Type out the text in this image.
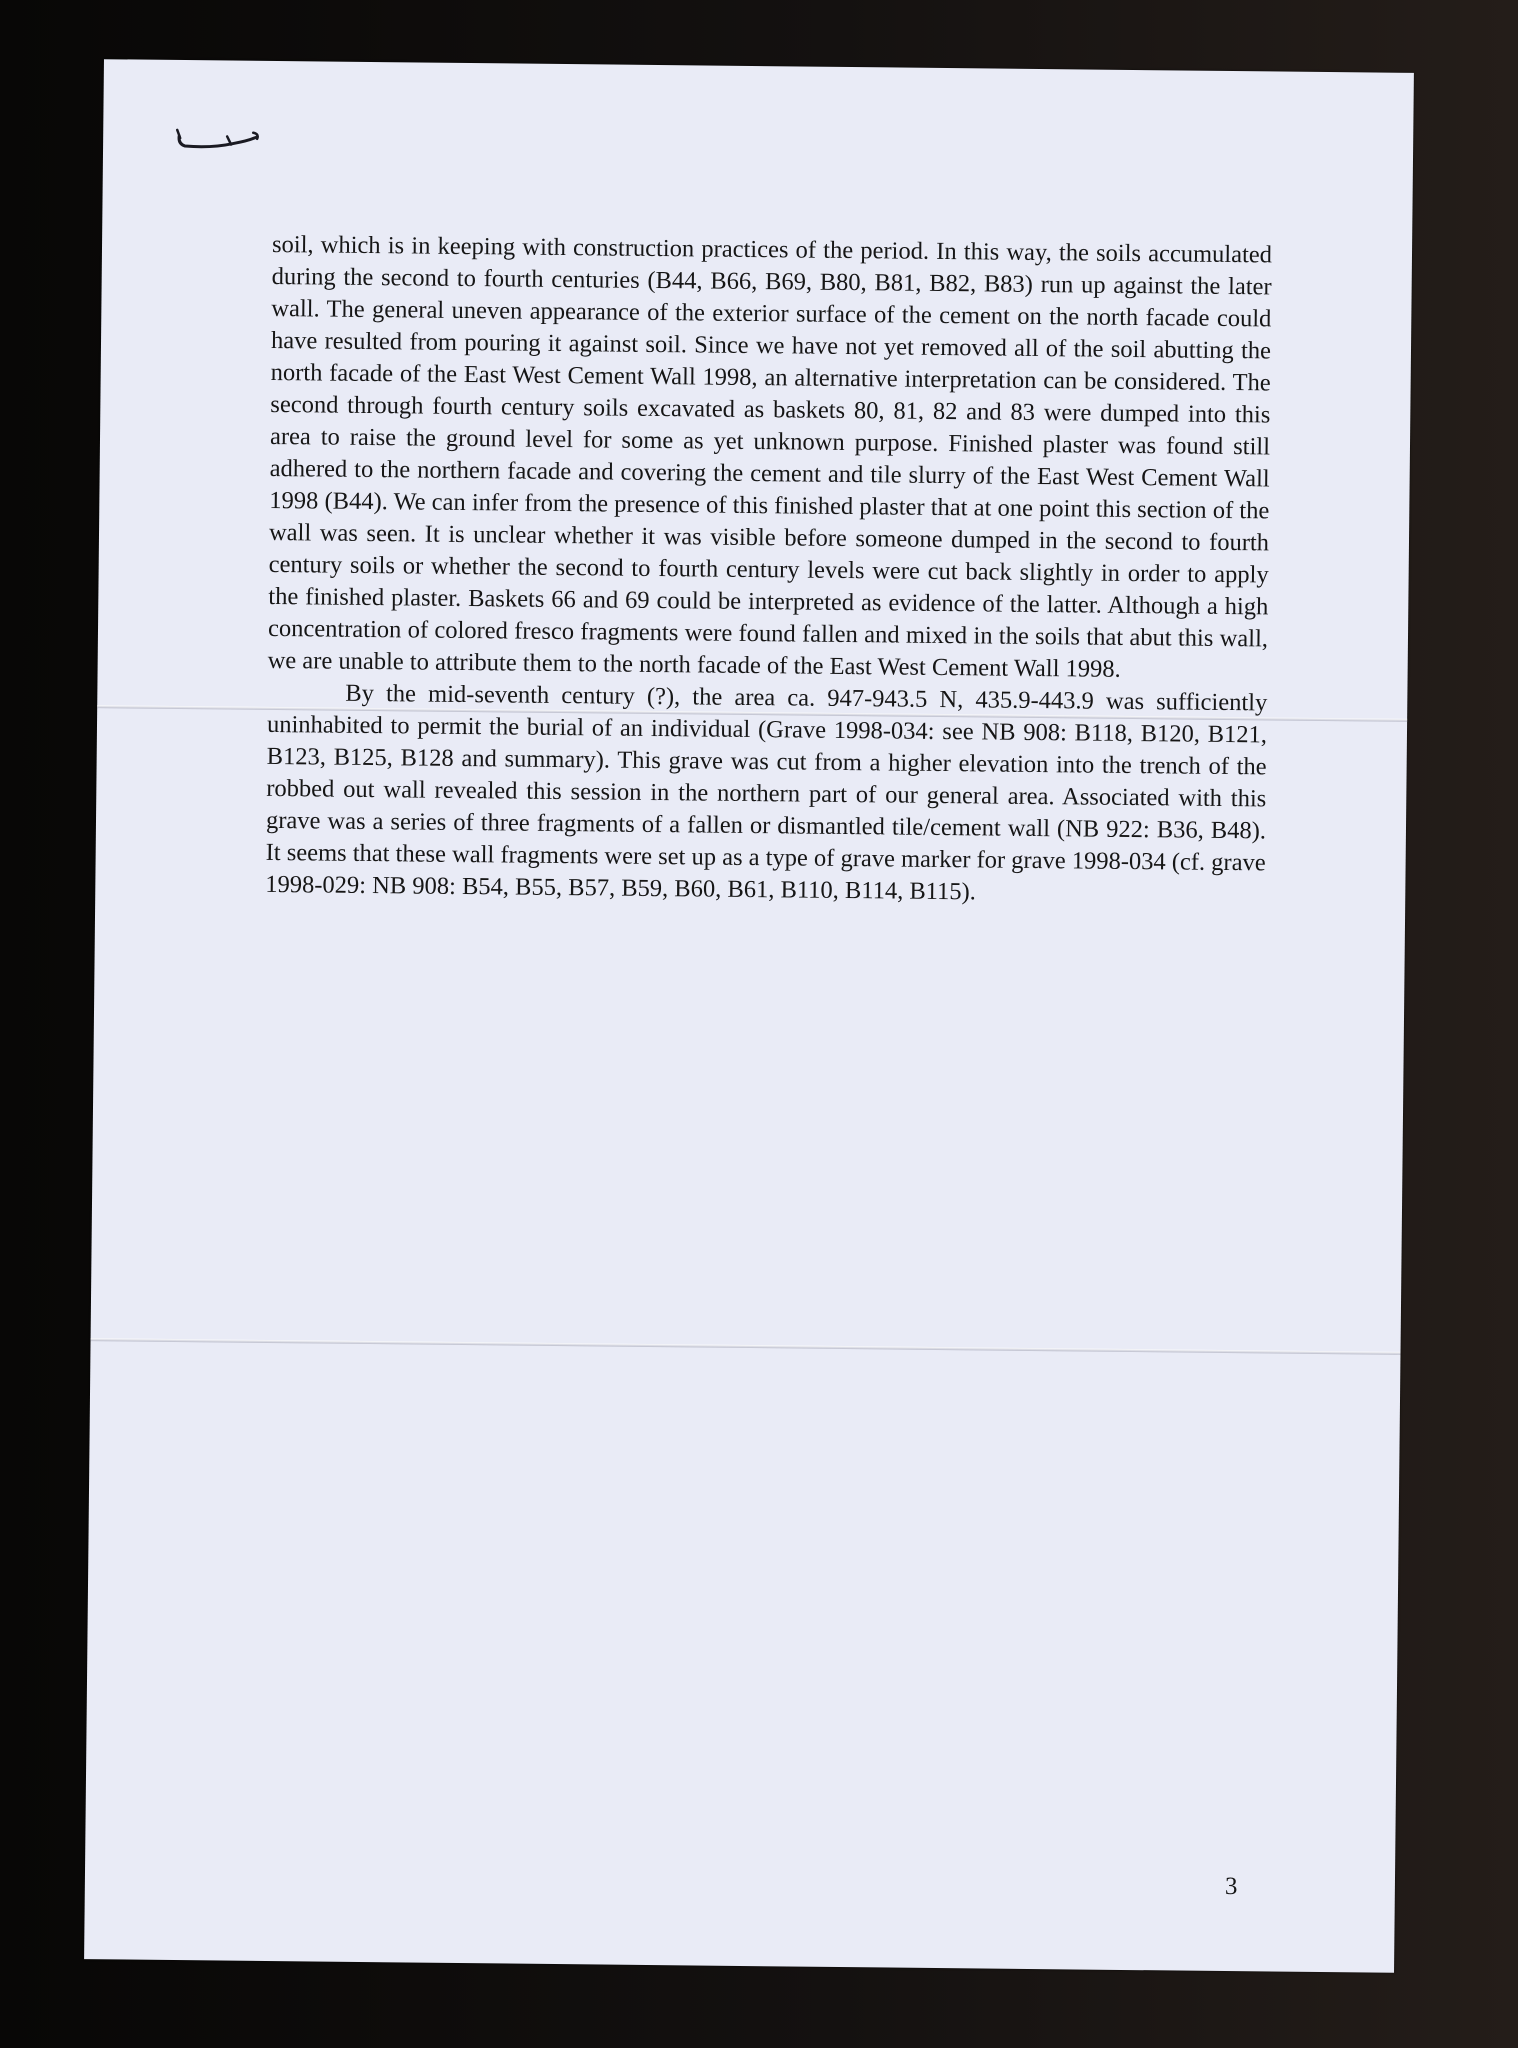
soil, which is in keeping with construction practices of the period. In this way, the soils accumulated during the second to fourth centuries (B44, B66, B69, B80, B81, B82, B83) run up against the later wall. The general uneven appearance of the exterior surface of the cement on the north facade could have resulted from pouring it against soil. Since we have not yet removed all of the soil abutting the north facade of the East West Cement Wall 1998, an alternative interpretation can be considered. The second through fourth century soils excavated as baskets 80, 81, 82 and 83 were dumped into this area to raise the ground level for some as yet unknown purpose. Finished plaster was found still adhered to the northern facade and covering the cement and tile slurry of the East West Cement Wall 1998 (B44). We can infer from the presence of this finished plaster that at one point this section of the wall was seen. It is unclear whether it was visible before someone dumped in the second to fourth century soils or whether the second to fourth century levels were cut back slightly in order to apply the finished plaster. Baskets 66 and 69 could be interpreted as evidence of the latter. Although a high concentration of colored fresco fragments were found fallen and mixed in the soils that abut this wall, we are unable to attribute them to the north facade of the East West Cement Wall 1998.

By the mid-seventh century (?), the area ca. 947-943.5 N, 435.9-443.9 was sufficiently uninhabited to permit the burial of an individual (Grave 1998-034: see NB 908: B118, B120, B121, B123, B125, B128 and summary). This grave was cut from a higher elevation into the trench of the robbed out wall revealed this session in the northern part of our general area. Associated with this grave was a series of three fragments of a fallen or dismantled tile/cement wall (NB 922: B36, B48). It seems that these wall fragments were set up as a type of grave marker for grave 1998-034 (cf. grave 1998-029: NB 908: B54, B55, B57, B59, B60, B61, B110, B114, B115).

3
